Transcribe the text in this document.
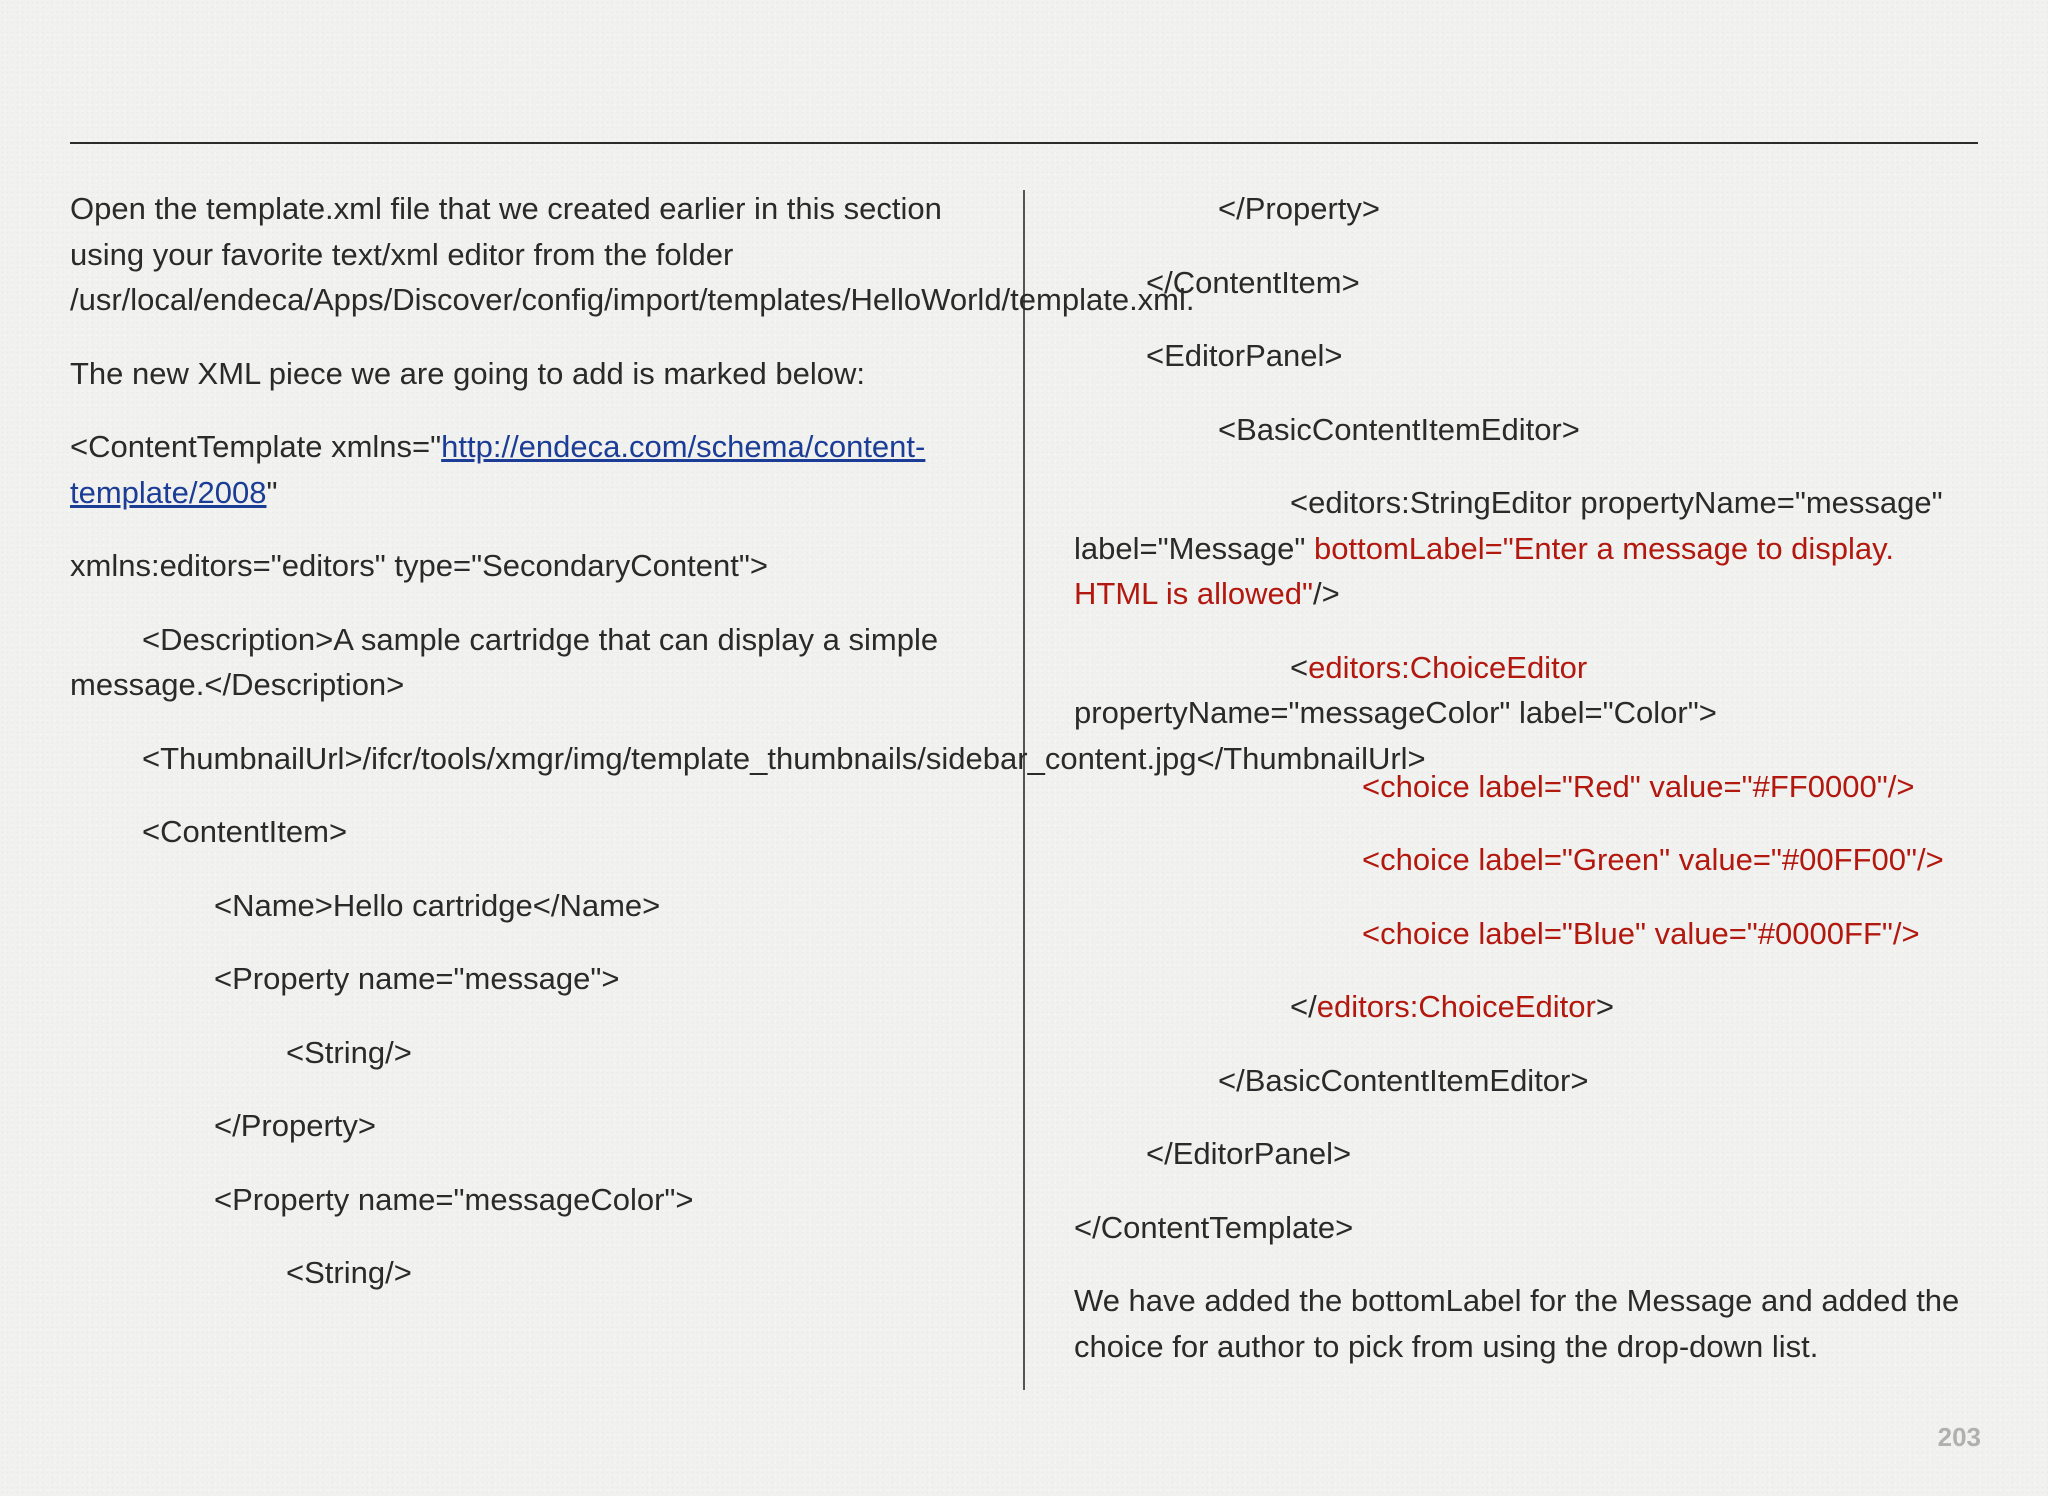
Open the template.xml file that we created earlier in this section using your favorite text/xml editor from the folder /usr/local/endeca/Apps/Discover/config/import/templates/HelloWorld/template.xml.

The new XML piece we are going to add is marked below:

<ContentTemplate xmlns="http://endeca.com/schema/content-template/2008"

xmlns:editors="editors" type="SecondaryContent">

<Description>A sample cartridge that can display a simple message.</Description>

<ThumbnailUrl>/ifcr/tools/xmgr/img/template_thumbnails/sidebar_content.jpg</ThumbnailUrl>

<ContentItem>

<Name>Hello cartridge</Name>

<Property name="message">

<String/>

</Property>

<Property name="messageColor">

<String/>

</Property>

</ContentItem>

<EditorPanel>

<BasicContentItemEditor>

<editors:StringEditor propertyName="message" label="Message" bottomLabel="Enter a message to display. HTML is allowed"/>

<editors:ChoiceEditor
propertyName="messageColor" label="Color">

<choice label="Red" value="#FF0000"/>

<choice label="Green" value="#00FF00"/>

<choice label="Blue" value="#0000FF"/>

</editors:ChoiceEditor>

</BasicContentItemEditor>

</EditorPanel>

</ContentTemplate>

We have added the bottomLabel for the Message and added the choice for author to pick from using the drop-down list.

203
